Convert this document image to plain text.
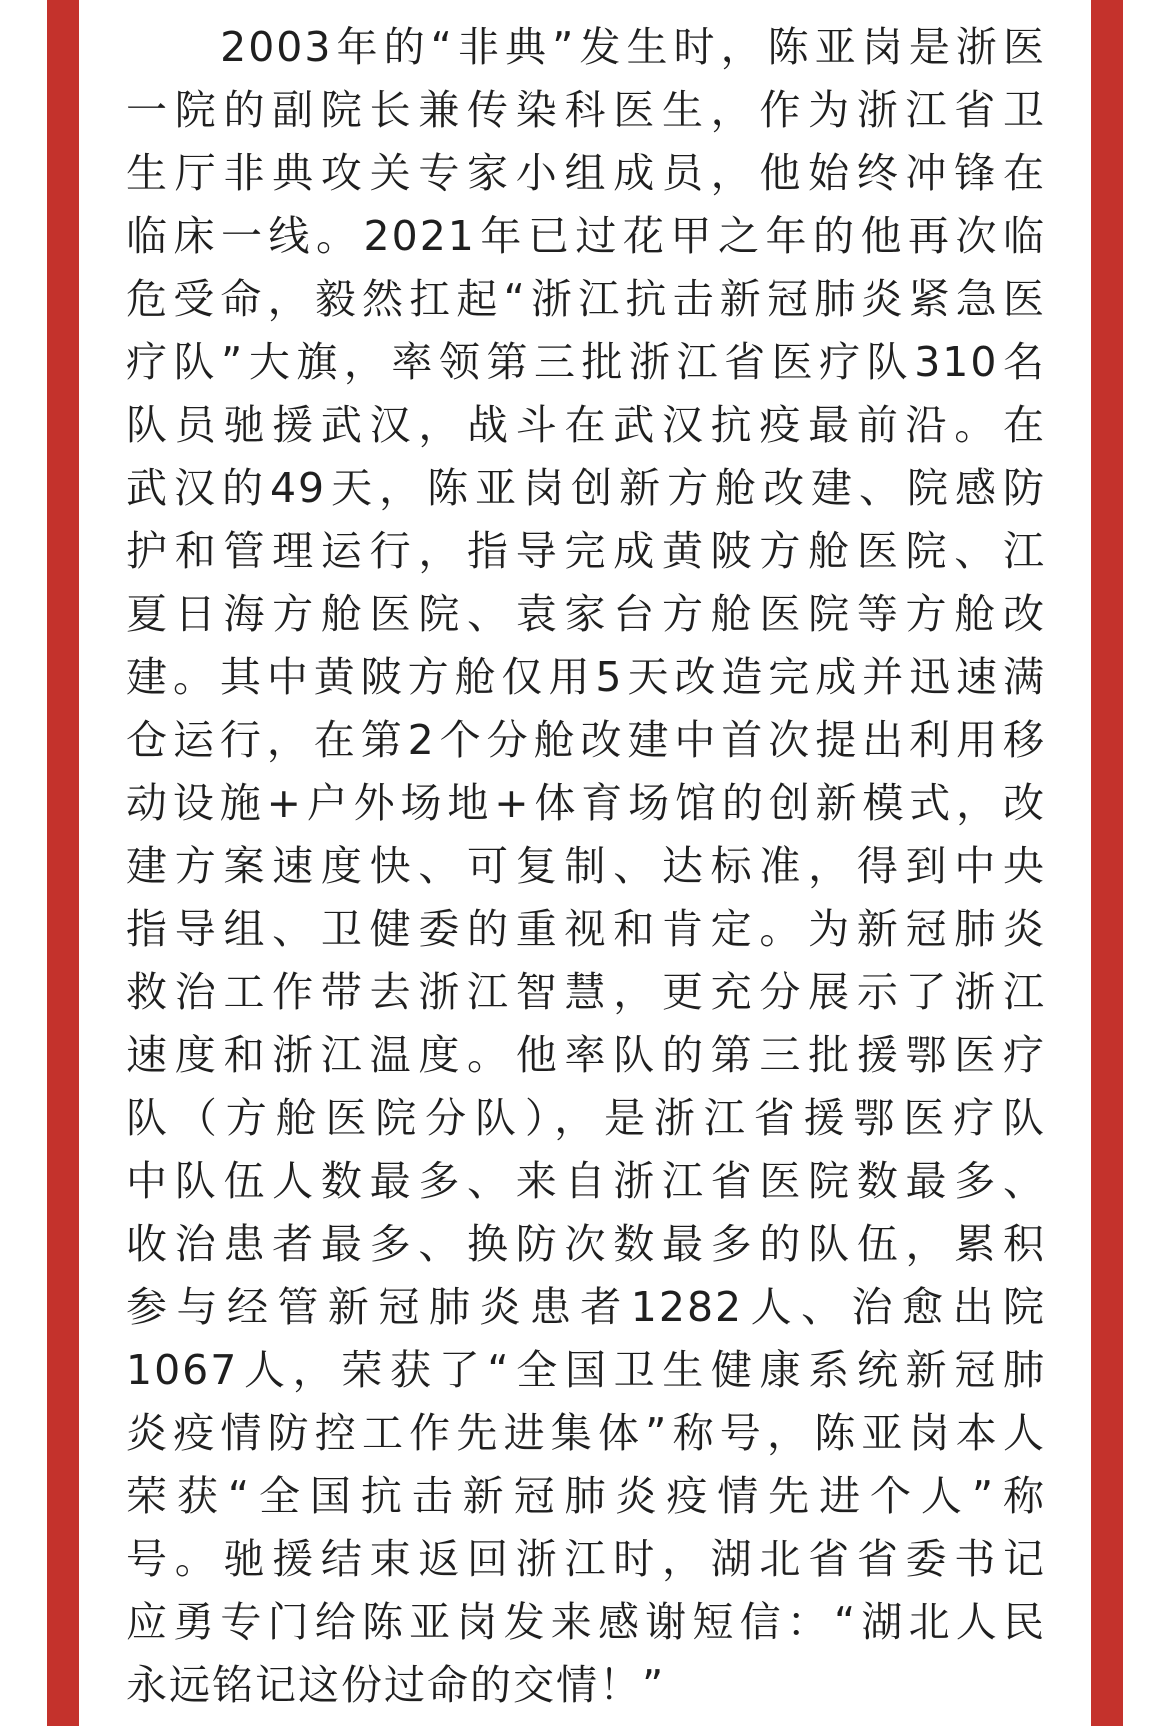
　　2003年的“非典”发生时，陈亚岗是浙医
一院的副院长兼传染科医生，作为浙江省卫
生厅非典攻关专家小组成员，他始终冲锋在
临床一线。2021年已过花甲之年的他再次临
危受命，毅然扛起“浙江抗击新冠肺炎紧急医
疗队”大旗，率领第三批浙江省医疗队310名
队员驰援武汉，战斗在武汉抗疫最前沿。在
武汉的49天，陈亚岗创新方舱改建、院感防
护和管理运行，指导完成黄陂方舱医院、江
夏日海方舱医院、袁家台方舱医院等方舱改
建。其中黄陂方舱仅用5天改造完成并迅速满
仓运行，在第2个分舱改建中首次提出利用移
动设施+户外场地+体育场馆的创新模式，改
建方案速度快、可复制、达标准，得到中央
指导组、卫健委的重视和肯定。为新冠肺炎
救治工作带去浙江智慧，更充分展示了浙江
速度和浙江温度。他率队的第三批援鄂医疗
队（方舱医院分队），是浙江省援鄂医疗队
中队伍人数最多、来自浙江省医院数最多、
收治患者最多、换防次数最多的队伍，累积
参与经管新冠肺炎患者1282人、治愈出院
1067人，荣获了“全国卫生健康系统新冠肺
炎疫情防控工作先进集体”称号，陈亚岗本人
荣获“全国抗击新冠肺炎疫情先进个人”称
号。驰援结束返回浙江时，湖北省省委书记
应勇专门给陈亚岗发来感谢短信：“湖北人民
永远铭记这份过命的交情！”
